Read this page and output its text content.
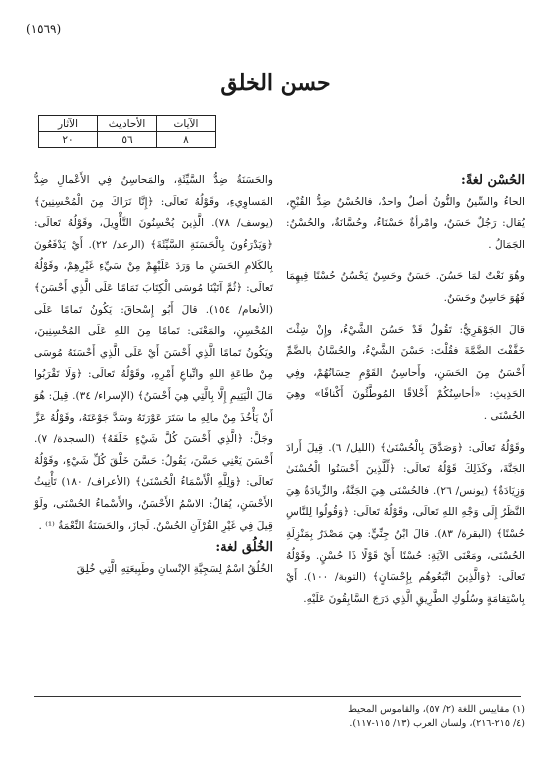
(١٥٦٩)
حسن الخلق
الآيات	الأحاديث	الآثار
٨	٥٦	٢٠

الحُسْن لغةً:

الحاءُ والسِّينُ والنُّونُ أصلٌ واحدٌ، فالحُسْنُ ضِدُّ القُبْحِ، يُقال: رَجُلٌ حَسَنٌ، وامْرأةٌ حَسْنَاءُ، وحُسَّانَةٌ، والحُسْنُ: الجَمَالُ .

وهُوَ نَعْتٌ لمَا حَسُنَ. حَسَنٌ وحَسِنٌ يَحْسُنُ حُسْنًا فِيهِمَا فَهُوَ حَاسِنٌ وحَسَنٌ.

قالَ الجَوْهَرِيُّ: تَقُولُ قَدْ حَسُنَ الشَّيْءُ، وإِنْ شِئْتَ خَفَّفْتَ الضَّمَّةَ فقُلْتَ: حَسْنَ الشَّيْءُ، والحُسَّانُ بالضَّمِّ أَحْسَنُ مِنَ الحَسَنِ، وأَحاسِنُ القَوْمِ حِسَانُهُمْ، وفِي الحَدِيثِ: «أحاسِنُكُمْ أَخْلاقًا المُوطَّئُونَ أَكْنافًا» وهِيَ الحُسْنَى .

وقَوْلُهُ تَعالَى: ﴿وَصَدَّقَ بِالْحُسْنَىٰ﴾ (الليل/ ٦). قِيلَ أَرادَ الجَنَّةَ، وكَذَلِكَ قَوْلُهُ تَعالَى: ﴿لِّلَّذِينَ أَحْسَنُوا الْحُسْنَىٰ وَزِيَادَةٌ﴾ (يونس/ ٢٦). فالحُسْنَى هِيَ الجَنَّةُ، والزِّيادَةُ هِيَ النَّظَرُ إِلَى وَجْهِ اللهِ تَعالَى، وقَوْلُهُ تَعالَى: ﴿وَقُولُوا لِلنَّاسِ حُسْنًا﴾ (البقرة/ ٨٣). قالَ ابْنُ جِنِّيٍّ: هِيَ مَصْدَرٌ بِمَنْزِلَةِ الحُسْنَى، ومَعْنَى الآيَةِ: حُسْنًا أَيْ قَوْلًا ذَا حُسْنٍ. وقَوْلُهُ تَعالَى: ﴿وَالَّذِينَ اتَّبَعُوهُم بِإِحْسَانٍ﴾ (التوبة/ ١٠٠). أَيْ بِاسْتِقامَةٍ وسُلُوكِ الطَّرِيقِ الَّذِي دَرَجَ السَّابِقُونَ عَلَيْهِ.

والحَسَنَةُ ضِدُّ السَّيِّئَةِ، والمَحاسِنُ فِي الأَعْمالِ ضِدُّ المَساوِيءِ، وقَوْلُهُ تَعالَى: ﴿إِنَّا نَرَاكَ مِنَ الْمُحْسِنِينَ﴾ (يوسف/ ٧٨). الَّذِينَ يُحْسِنُونَ التَّأْوِيلَ، وقَوْلُهُ تَعالَى: ﴿وَيَدْرَءُونَ بِالْحَسَنَةِ السَّيِّئَةَ﴾ (الرعد/ ٢٢). أَيْ يَدْفَعُونَ بِالكَلامِ الحَسَنِ ما وَرَدَ عَلَيْهِمْ مِنْ سَيِّءِ غَيْرِهِمْ، وقَوْلُهُ تَعالَى: ﴿ثُمَّ آتَيْنَا مُوسَى الْكِتَابَ تَمَامًا عَلَى الَّذِي أَحْسَنَ﴾ (الأنعام/ ١٥٤). قالَ أَبُو إِسْحاقَ: يَكُونُ تَمامًا عَلَى المُحْسِنِ، والمَعْنَى: تَمامًا مِنَ اللهِ عَلَى المُحْسِنِينَ، ويَكُونُ تَمامًا الَّذِي أَحْسَنَ أَيْ عَلَى الَّذِي أَحْسَنَهُ مُوسَى مِنْ طاعَةِ اللهِ واتِّباعِ أَمْرِهِ، وقَوْلُهُ تَعالَى: ﴿وَلَا تَقْرَبُوا مَالَ الْيَتِيمِ إِلَّا بِالَّتِي هِيَ أَحْسَنُ﴾ (الإسراء/ ٣٤). قِيلَ: هُوَ أَنْ يَأْخُذَ مِنْ مالِهِ ما سَتَرَ عَوْرَتَهُ وسَدَّ جَوْعَتَهُ، وقَوْلُهُ عَزَّ وجَلَّ: ﴿الَّذِي أَحْسَنَ كُلَّ شَيْءٍ خَلَقَهُ﴾ (السجدة/ ٧). أَحْسَنَ يَعْنِي حَسَّنَ، يَقُولُ: حَسَّنَ خَلْقَ كُلِّ شَيْءٍ، وقَوْلُهُ تَعالَى: ﴿وَلِلَّهِ الْأَسْمَاءُ الْحُسْنَىٰ﴾ (الأعراف/ ١٨٠) تَأْنِيثُ الأَحْسَنِ، يُقالُ: الاسْمُ الأَحْسَنُ، والأَسْماءُ الحُسْنَى، ولَوْ قِيلَ فِي غَيْرِ القُرْآنِ الحُسْنُ. لَجازَ، والحَسَنَةُ النِّعْمَةُ ⁽¹⁾ .

الخُلُق لغة:

الخُلُقُ اسْمٌ لِسَجِيَّةِ الإنْسانِ وطَبِيعَتِهِ الَّتِي خُلِقَ

(١) مقاييس اللغة (٢/ ٥٧)، والقاموس المحيط

(٤/ ٢١٥-٢١٦)، ولسان العرب (١٣/ ١١٥-١١٧).
